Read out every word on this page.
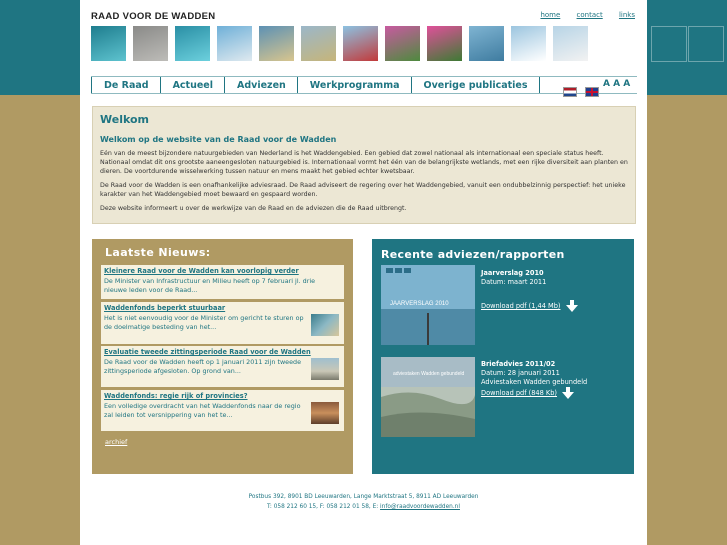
RAAD VOOR DE WADDEN	home contact links
De Raad	Actueel	Adviezen	Werkprogramma	Overige publicaties
	A A A
Welkom
Welkom op de website van de Raad voor de Wadden

Eén van de meest bijzondere natuurgebieden van Nederland is het Waddengebied. Een gebied dat zowel nationaal als internationaal een speciale status heeft. Nationaal omdat dit ons grootste aaneengesloten natuurgebied is. Internationaal vormt het één van de belangrijkste wetlands, met een rijke diversiteit aan planten en dieren. De voortdurende wisselwerking tussen natuur en mens maakt het gebied echter kwetsbaar.

De Raad voor de Wadden is een onafhankelijke adviesraad. De Raad adviseert de regering over het Waddengebied, vanuit een ondubbelzinnig perspectief: het unieke karakter van het Waddengebied moet bewaard en gespaard worden.

Deze website informeert u over de werkwijze van de Raad en de adviezen die de Raad uitbrengt.

Laatste Nieuws:
Kleinere Raad voor de Wadden kan voorlopig verder
De Minister van Infrastructuur en Milieu heeft op 7 februari jl. drie nieuwe leden voor de Raad...
Waddenfonds beperkt stuurbaar
Het is niet eenvoudig voor de Minister om gericht te sturen op de doelmatige besteding van het...
Evaluatie tweede zittingsperiode Raad voor de Wadden
De Raad voor de Wadden heeft op 1 januari 2011 zijn tweede zittingsperiode afgesloten. Op grond van...
Waddenfonds: regie rijk of provincies?
Een volledige overdracht van het Waddenfonds naar de regio zal leiden tot versnippering van het te...
archief
Recente adviezen/rapporten
JAARVERSLAG 2010
Jaarverslag 2010
Datum: maart 2011
Download pdf (1,44 Mb)
adviestaken Wadden gebundeld
Briefadvies 2011/02
Datum: 28 januari 2011
Adviestaken Wadden gebundeld
Download pdf (848 Kb)
Postbus 392, 8901 BD Leeuwarden, Lange Marktstraat 5, 8911 AD Leeuwarden
T: 058 212 60 15, F: 058 212 01 58, E: info@raadvoordewadden.nl
